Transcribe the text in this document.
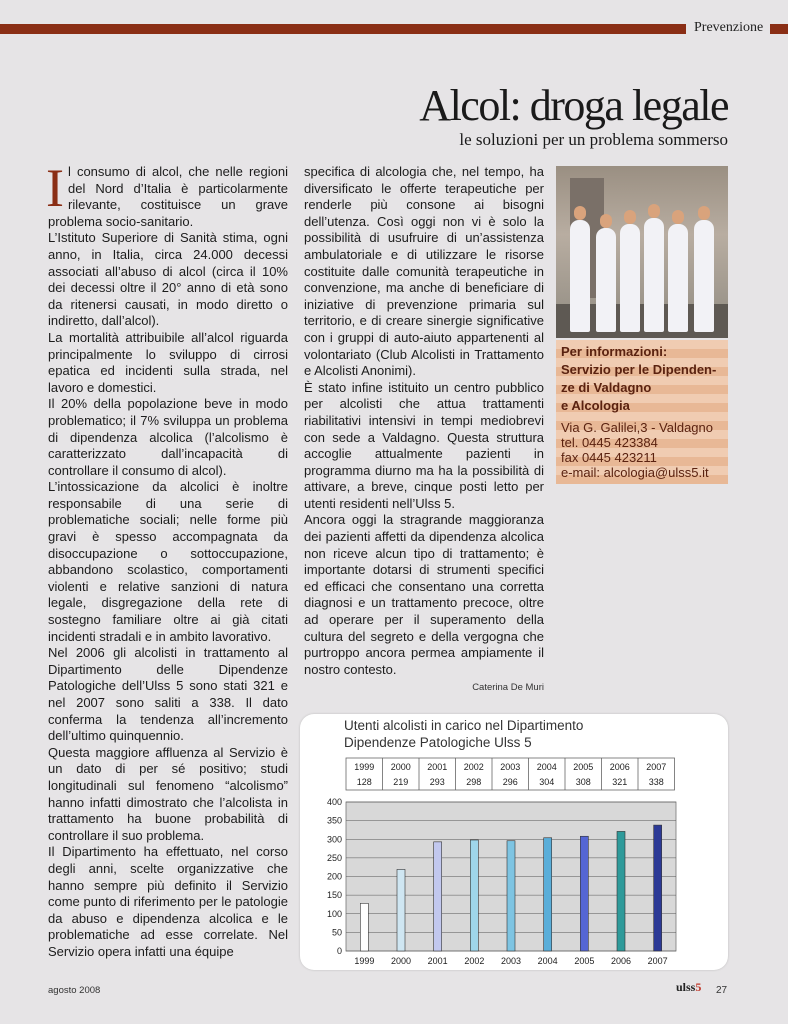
Prevenzione
Alcol: droga legale
le soluzioni per un problema sommerso
I l consumo di alcol, che nelle regioni del Nord d’Italia è particolarmente rilevante, costituisce un grave problema socio-sanitario.

L’Istituto Superiore di Sanità stima, ogni anno, in Italia, circa 24.000 decessi associati all’abuso di alcol (circa il 10% dei decessi oltre il 20° anno di età sono da ritenersi causati, in modo diretto o indiretto, dall’alcol).

La mortalità attribuibile all’alcol riguarda principalmente lo sviluppo di cirrosi epatica ed incidenti sulla strada, nel lavoro e domestici.

Il 20% della popolazione beve in modo problematico; il 7% sviluppa un problema di dipendenza alcolica (l’alcolismo è caratterizzato dall’incapacità di controllare il consumo di alcol).

L’intossicazione da alcolici è inoltre responsabile di una serie di problematiche sociali; nelle forme più gravi è spesso accompagnata da disoccupazione o sottoccupazione, abbandono scolastico, comportamenti violenti e relative sanzioni di natura legale, disgregazione della rete di sostegno familiare oltre ai già citati incidenti stradali e in ambito lavorativo.

Nel 2006 gli alcolisti in trattamento al Dipartimento delle Dipendenze Patologiche dell’Ulss 5 sono stati 321 e nel 2007 sono saliti a 338. Il dato conferma la tendenza all’incremento dell’ultimo quinquennio.

Questa maggiore affluenza al Servizio è un dato di per sé positivo; studi longitudinali sul fenomeno “alcolismo” hanno infatti dimostrato che l’alcolista in trattamento ha buone probabilità di controllare il suo problema.

Il Dipartimento ha effettuato, nel corso degli anni, scelte organizzative che hanno sempre più definito il Servizio come punto di riferimento per le patologie da abuso e dipendenza alcolica e le problematiche ad esse correlate. Nel Servizio opera infatti una équipe

specifica di alcologia che, nel tempo, ha diversificato le offerte terapeutiche per renderle più consone ai bisogni dell’utenza. Così oggi non vi è solo la possibilità di usufruire di un’assistenza ambulatoriale e di utilizzare le risorse costituite dalle comunità terapeutiche in convenzione, ma anche di beneficiare di iniziative di prevenzione primaria sul territorio, e di creare sinergie significative con i gruppi di auto-aiuto appartenenti al volontariato (Club Alcolisti in Trattamento e Alcolisti Anonimi).

È stato infine istituito un centro pubblico per alcolisti che attua trattamenti riabilitativi intensivi in tempi mediobrevi con sede a Valdagno. Questa struttura accoglie attualmente pazienti in programma diurno ma ha la possibilità di attivare, a breve, cinque posti letto per utenti residenti nell’Ulss 5.

Ancora oggi la stragrande maggioranza dei pazienti affetti da dipendenza alcolica non riceve alcun tipo di trattamento; è importante dotarsi di strumenti specifici ed efficaci che consentano una corretta diagnosi e un trattamento precoce, oltre ad operare per il superamento della cultura del segreto e della vergogna che purtroppo ancora permea ampiamente il nostro contesto.

Caterina De Muri
Per informazioni:
Servizio per le Dipenden-
ze di Valdagno
e Alcologia
Via G. Galilei,3 - Valdagno
tel. 0445 423384
fax 0445 423211
e-mail: alcologia@ulss5.it
Utenti alcolisti in carico nel Dipartimento
Dipendenze Patologiche Ulss 5
1999
128
2000
219
2001
293
2002
298
2003
296
2004
304
2005
308
2006
321
2007
338
0
50
100
150
200
250
300
350
400
1999 2000 2001 2002 2003 2004 2005 2006 2007
agosto 2008	ulss5 27
